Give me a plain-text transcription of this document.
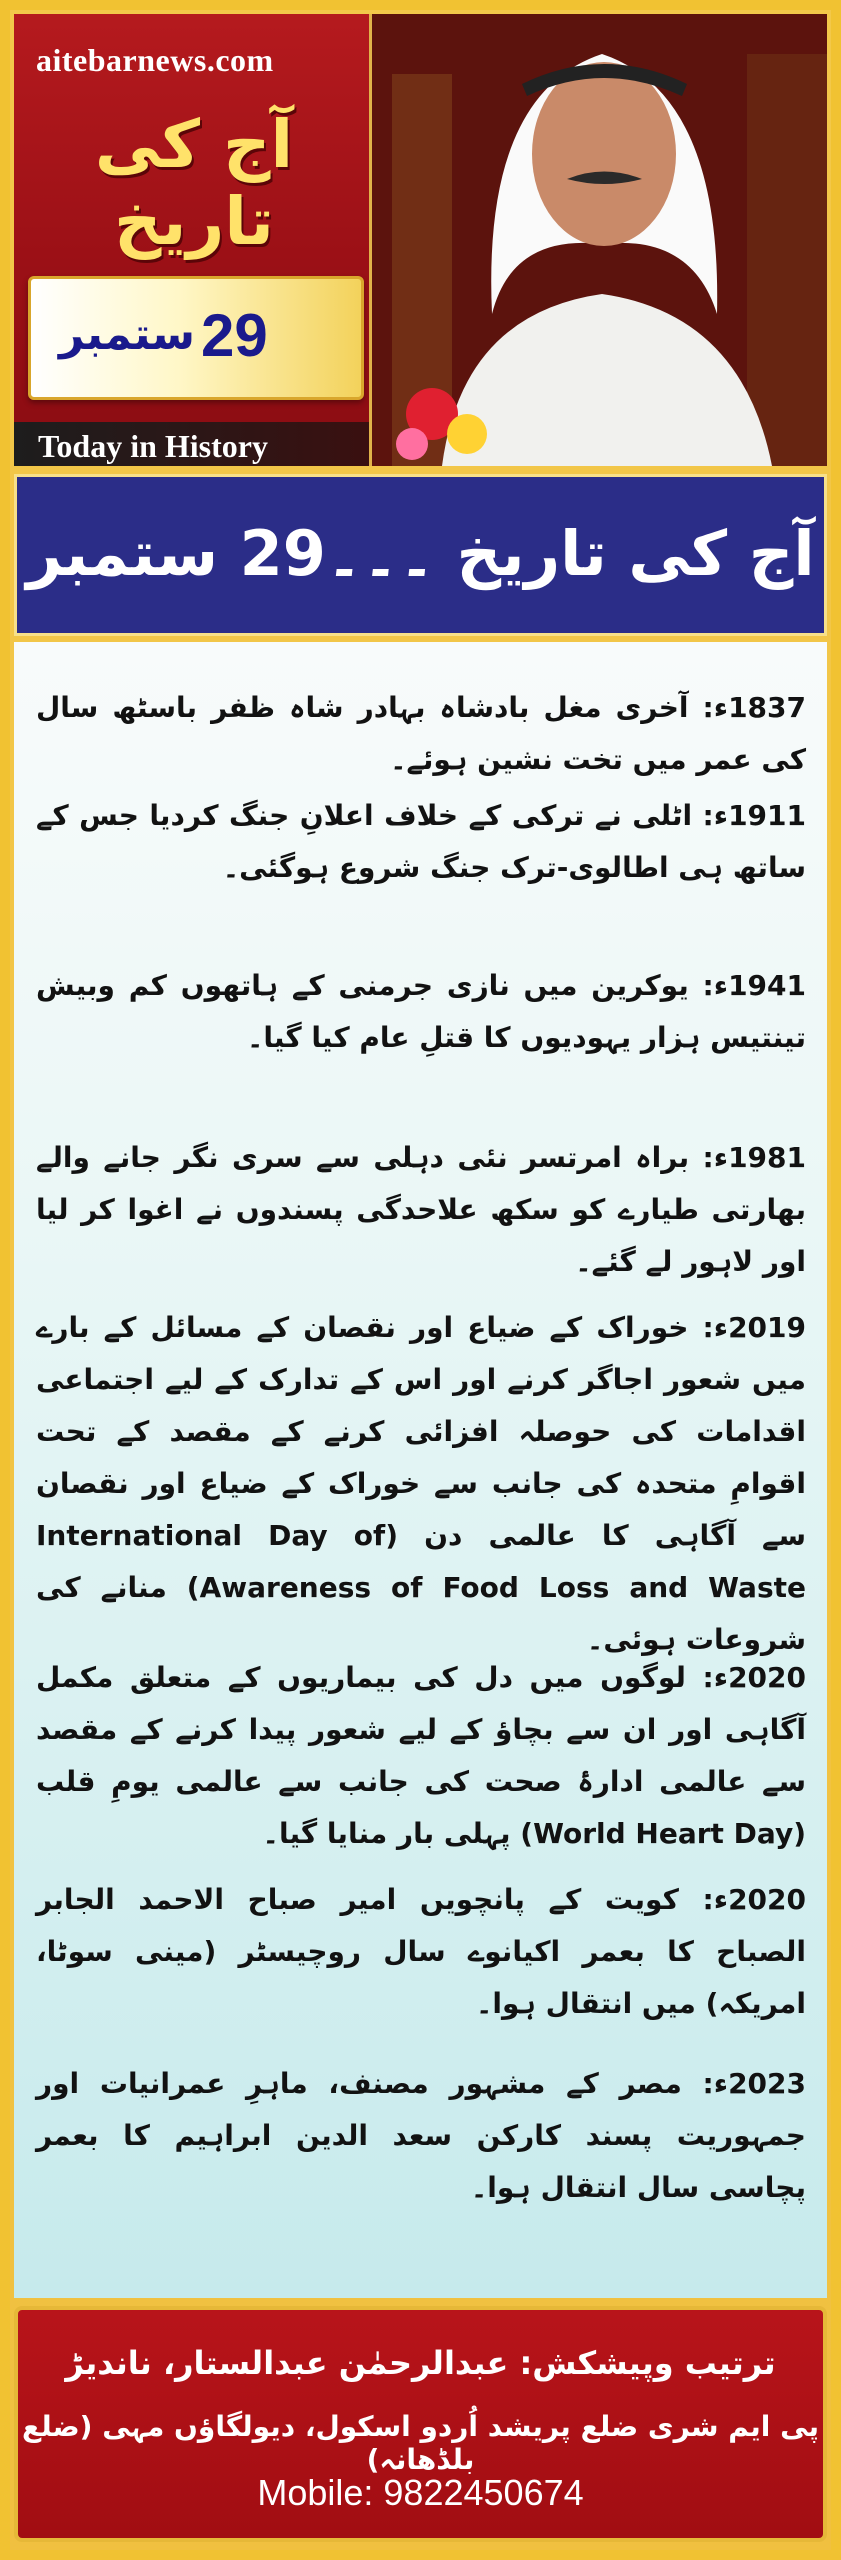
aitebarnews.com
آج کی تاریخ
29
ستمبر
Today in History
آج کی تاریخ ۔۔۔29 ستمبر
1837ء: آخری مغل بادشاہ بہادر شاہ ظفر باسٹھ سال کی عمر میں تخت نشین ہوئے۔
1911ء: اٹلی نے ترکی کے خلاف اعلانِ جنگ کردیا جس کے ساتھ ہی اطالوی-ترک جنگ شروع ہوگئی۔
1941ء: یوکرین میں نازی جرمنی کے ہاتھوں کم وبیش تینتیس ہزار یہودیوں کا قتلِ عام کیا گیا۔
1981ء: براہ امرتسر نئی دہلی سے سری نگر جانے والے بھارتی طیارے کو سکھ علاحدگی پسندوں نے اغوا کر لیا اور لاہور لے گئے۔
2019ء: خوراک کے ضیاع اور نقصان کے مسائل کے بارے میں شعور اجاگر کرنے اور اس کے تدارک کے لیے اجتماعی اقدامات کی حوصلہ افزائی کرنے کے مقصد کے تحت اقوامِ متحدہ کی جانب سے خوراک کے ضیاع اور نقصان سے آگاہی کا عالمی دن (International Day of Awareness of Food Loss and Waste) منانے کی شروعات ہوئی۔
2020ء: لوگوں میں دل کی بیماریوں کے متعلق مکمل آگاہی اور ان سے بچاؤ کے لیے شعور پیدا کرنے کے مقصد سے عالمی ادارۂ صحت کی جانب سے عالمی یومِ قلب (World Heart Day) پہلی بار منایا گیا۔
2020ء: کویت کے پانچویں امیر صباح الاحمد الجابر الصباح کا بعمر اکیانوے سال روچیسٹر (مینی سوٹا، امریکہ) میں انتقال ہوا۔
2023ء: مصر کے مشہور مصنف، ماہرِ عمرانیات اور جمہوریت پسند کارکن سعد الدین ابراہیم کا بعمر پچاسی سال انتقال ہوا۔
ترتیب وپیشکش: عبدالرحمٰن عبدالستار، ناندیڑ
پی ایم شری ضلع پریشد اُردو اسکول، دیولگاؤں مہی (ضلع بلڈھانہ)
Mobile: 9822450674
